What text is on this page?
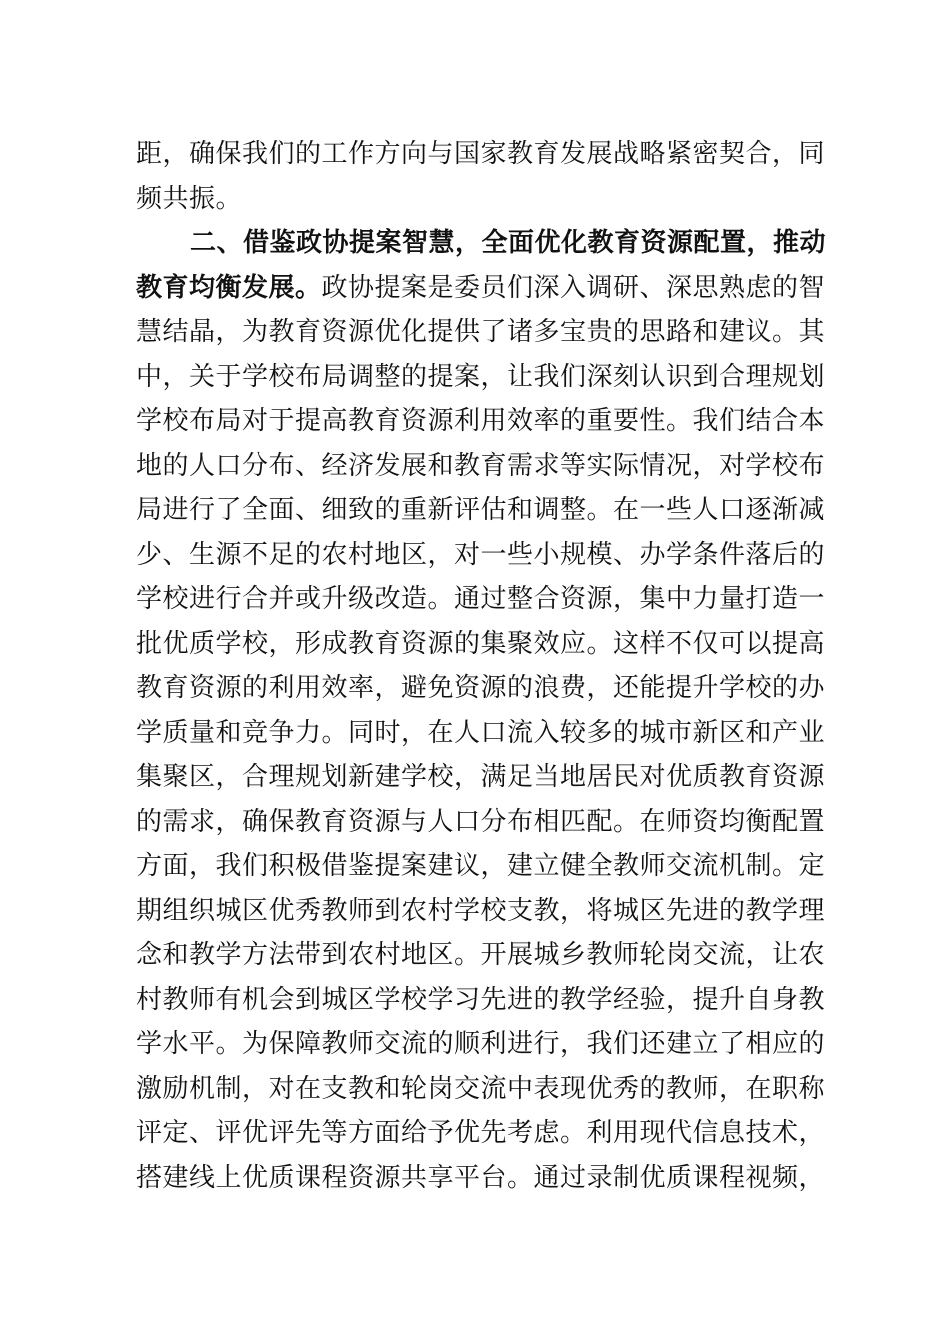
距，确保我们的工作方向与国家教育发展战略紧密契合，同
频共振。
二、借鉴政协提案智慧，全面优化教育资源配置，推动
教育均衡发展。政协提案是委员们深入调研、深思熟虑的智
慧结晶，为教育资源优化提供了诸多宝贵的思路和建议。其
中，关于学校布局调整的提案，让我们深刻认识到合理规划
学校布局对于提高教育资源利用效率的重要性。我们结合本
地的人口分布、经济发展和教育需求等实际情况，对学校布
局进行了全面、细致的重新评估和调整。在一些人口逐渐减
少、生源不足的农村地区，对一些小规模、办学条件落后的
学校进行合并或升级改造。通过整合资源，集中力量打造一
批优质学校，形成教育资源的集聚效应。这样不仅可以提高
教育资源的利用效率，避免资源的浪费，还能提升学校的办
学质量和竞争力。同时，在人口流入较多的城市新区和产业
集聚区，合理规划新建学校，满足当地居民对优质教育资源
的需求，确保教育资源与人口分布相匹配。在师资均衡配置
方面，我们积极借鉴提案建议，建立健全教师交流机制。定
期组织城区优秀教师到农村学校支教，将城区先进的教学理
念和教学方法带到农村地区。开展城乡教师轮岗交流，让农
村教师有机会到城区学校学习先进的教学经验，提升自身教
学水平。为保障教师交流的顺利进行，我们还建立了相应的
激励机制，对在支教和轮岗交流中表现优秀的教师，在职称
评定、评优评先等方面给予优先考虑。利用现代信息技术，
搭建线上优质课程资源共享平台。通过录制优质课程视频，
